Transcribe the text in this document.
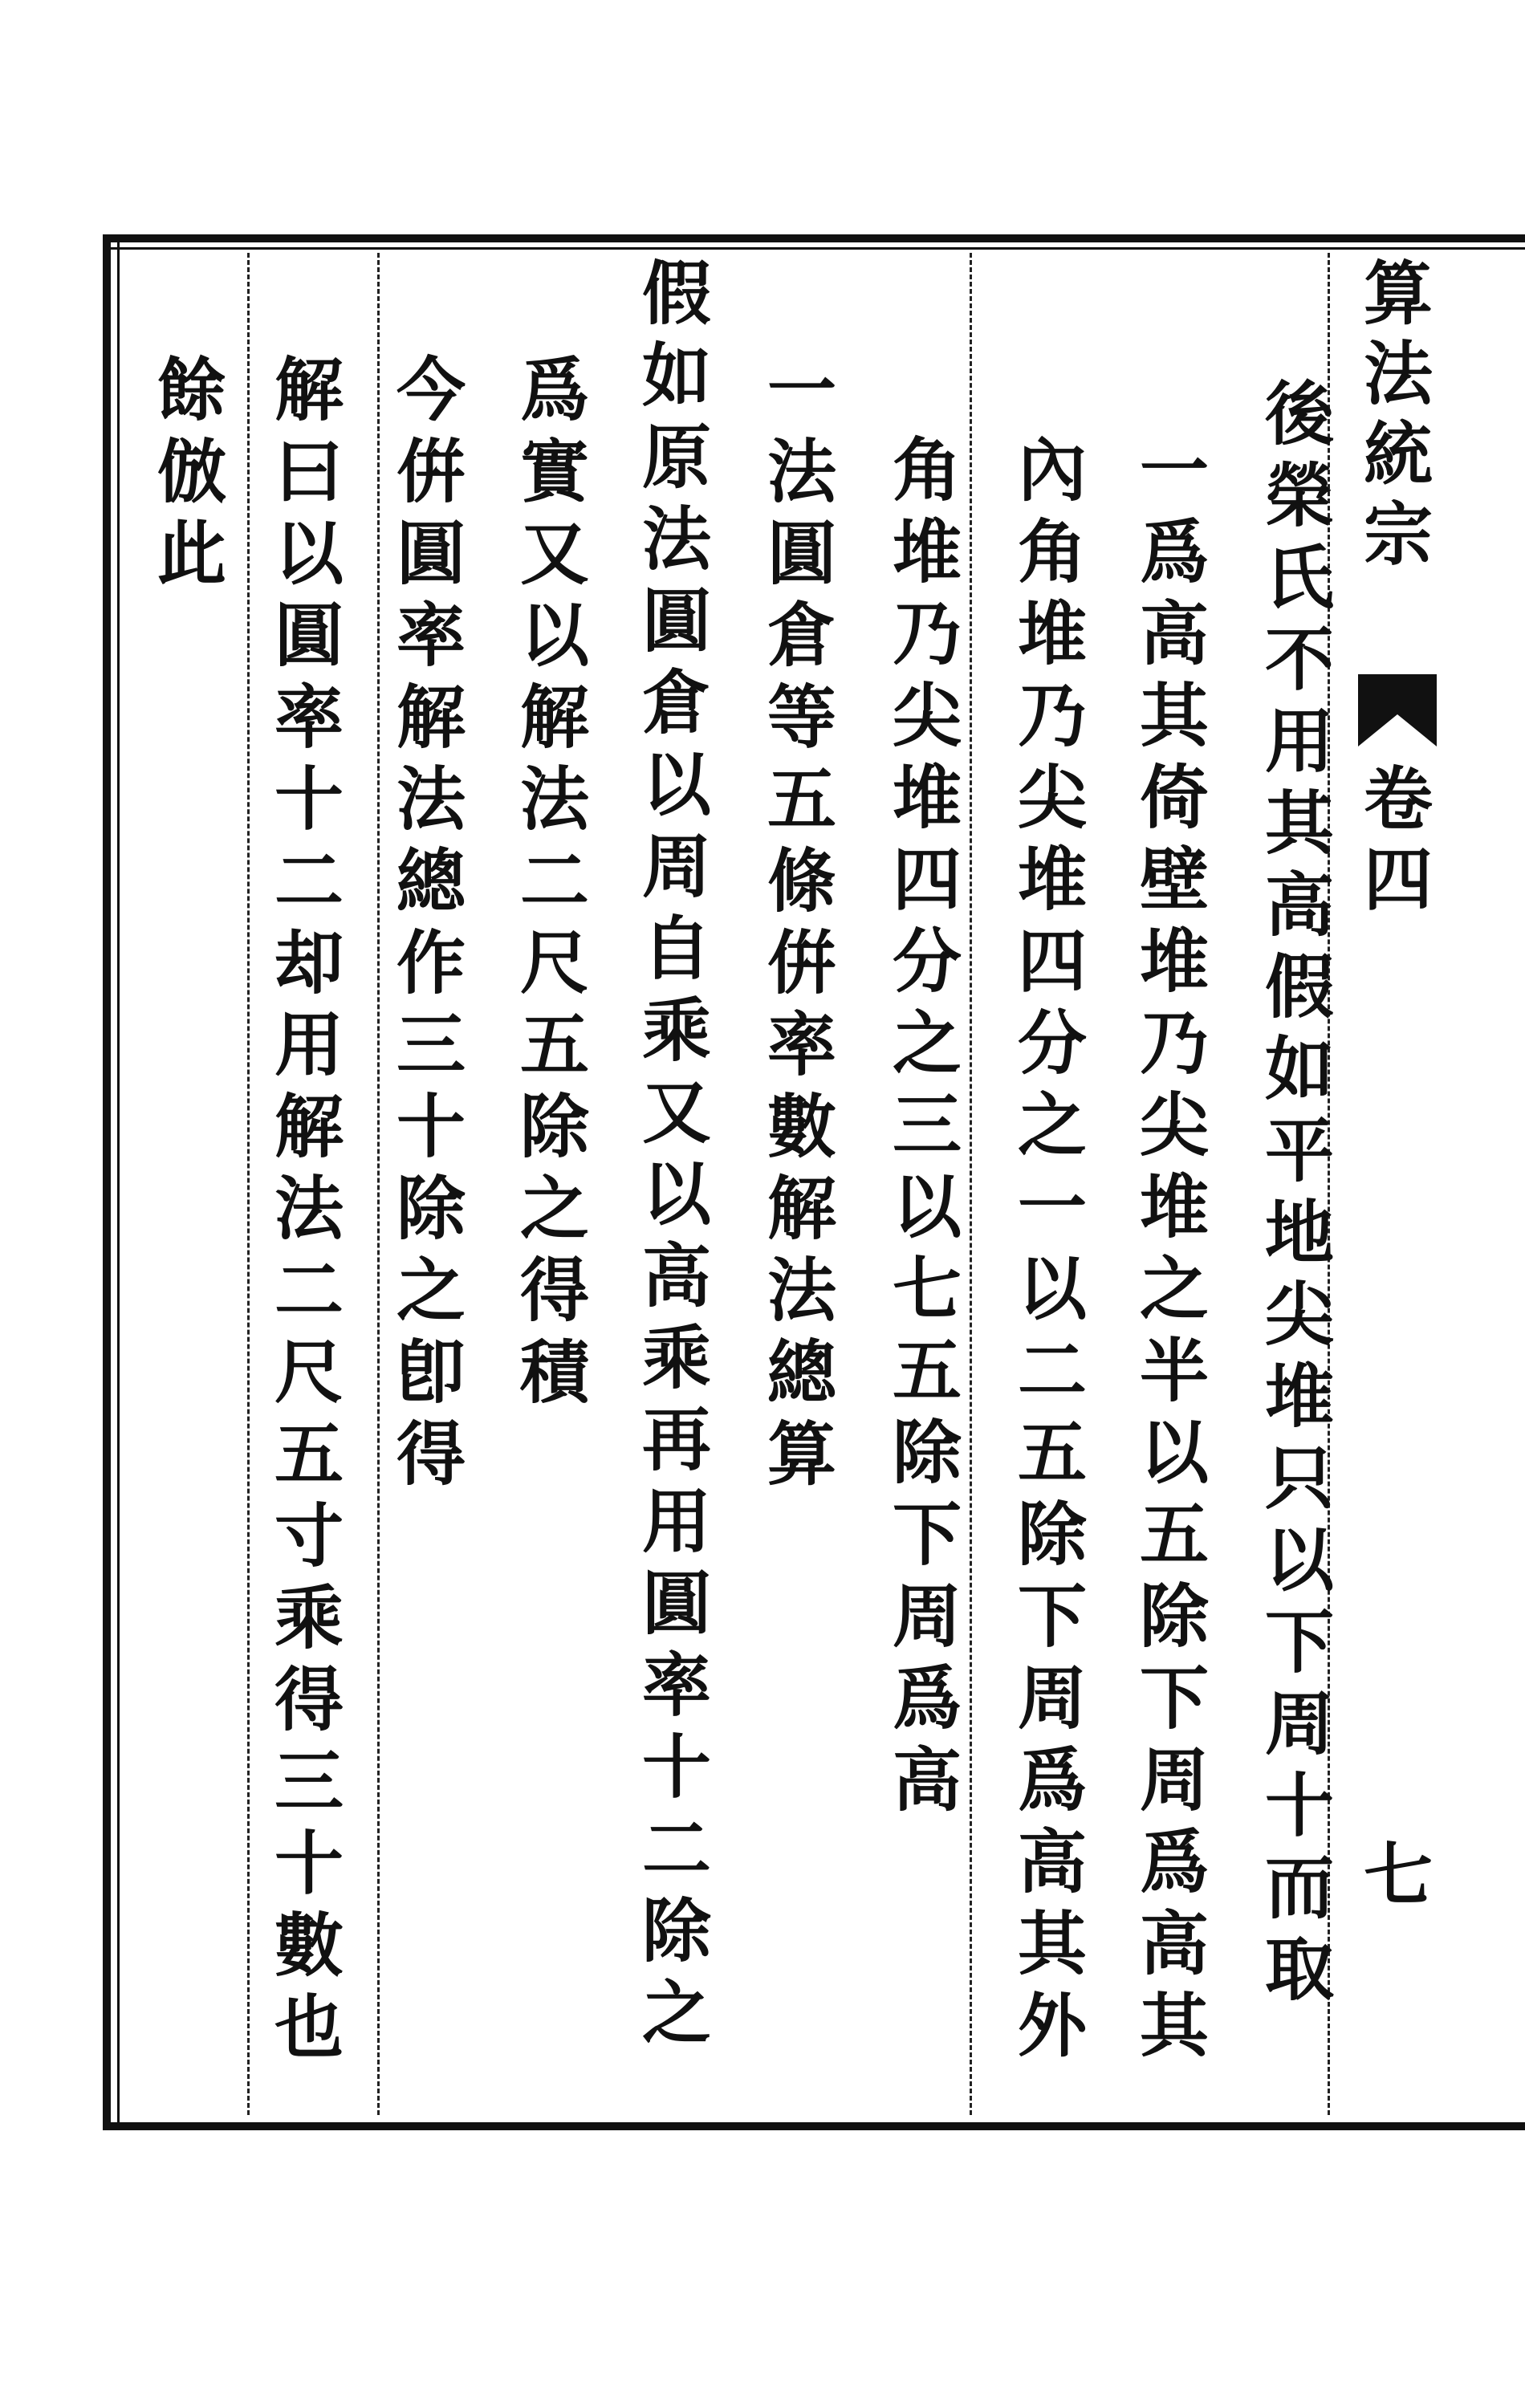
算法統宗
卷四
七
後榮氏不用其高假如平地尖堆只以下周十而取
一爲高其倚壁堆乃尖堆之半以五除下周爲高其
內角堆乃尖堆四分之一以二五除下周爲高其外
角堆乃尖堆四分之三以七五除下周爲高
一法圓倉等五條倂率數解法總算
假如原法圓倉以周自乘又以高乘再用圓率十二除之
爲實又以解法二尺五除之得積
今倂圓率解法總作三十除之卽得
解曰以圓率十二却用解法二尺五寸乘得三十數也
餘倣此
